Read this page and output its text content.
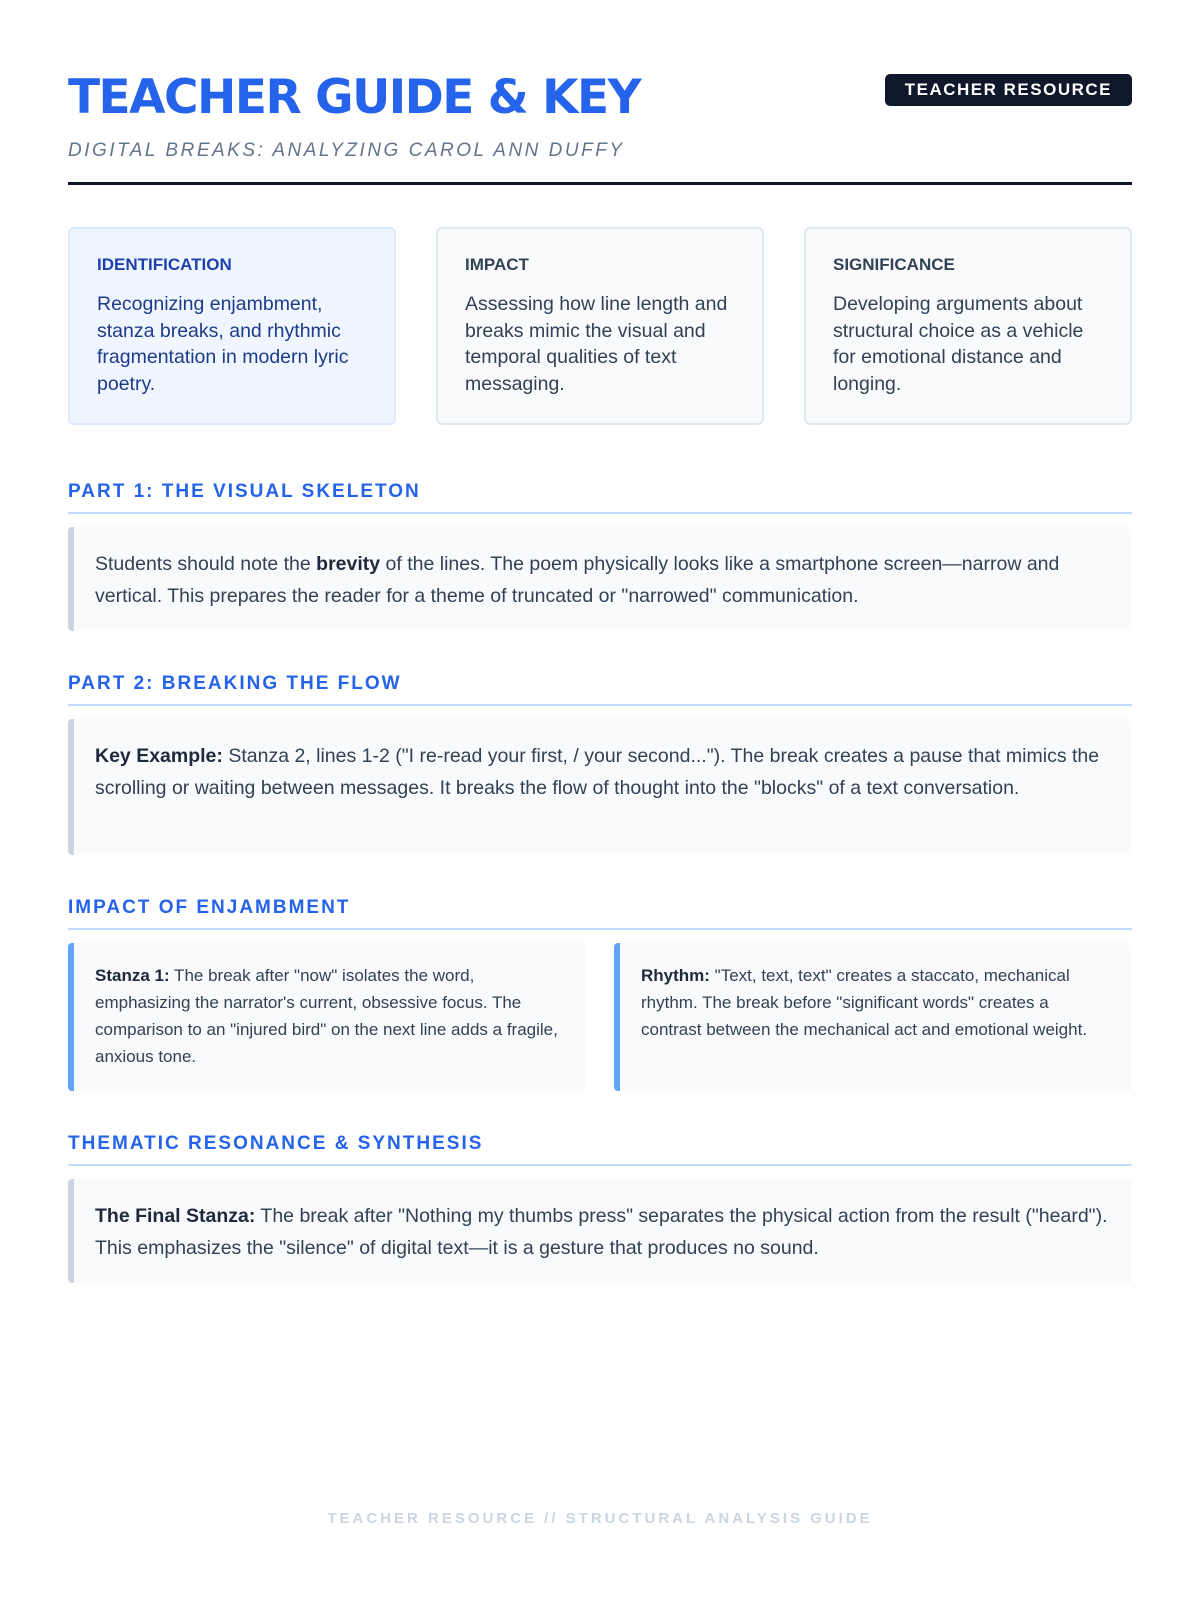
TEACHER GUIDE & KEY
DIGITAL BREAKS: ANALYZING CAROL ANN DUFFY
TEACHER RESOURCE
IDENTIFICATION
Recognizing enjambment, stanza breaks, and rhythmic fragmentation in modern lyric poetry.
IMPACT
Assessing how line length and breaks mimic the visual and temporal qualities of text messaging.
SIGNIFICANCE
Developing arguments about structural choice as a vehicle for emotional distance and longing.
PART 1: THE VISUAL SKELETON
Students should note the brevity of the lines. The poem physically looks like a smartphone screen—narrow and vertical. This prepares the reader for a theme of truncated or "narrowed" communication.
PART 2: BREAKING THE FLOW
Key Example: Stanza 2, lines 1-2 ("I re-read your first, / your second..."). The break creates a pause that mimics the scrolling or waiting between messages. It breaks the flow of thought into the "blocks" of a text conversation.
IMPACT OF ENJAMBMENT
Stanza 1: The break after "now" isolates the word, emphasizing the narrator's current, obsessive focus. The comparison to an "injured bird" on the next line adds a fragile, anxious tone.
Rhythm: "Text, text, text" creates a staccato, mechanical rhythm. The break before "significant words" creates a contrast between the mechanical act and emotional weight.
THEMATIC RESONANCE & SYNTHESIS
The Final Stanza: The break after "Nothing my thumbs press" separates the physical action from the result ("heard"). This emphasizes the "silence" of digital text—it is a gesture that produces no sound.
TEACHER RESOURCE // STRUCTURAL ANALYSIS GUIDE
